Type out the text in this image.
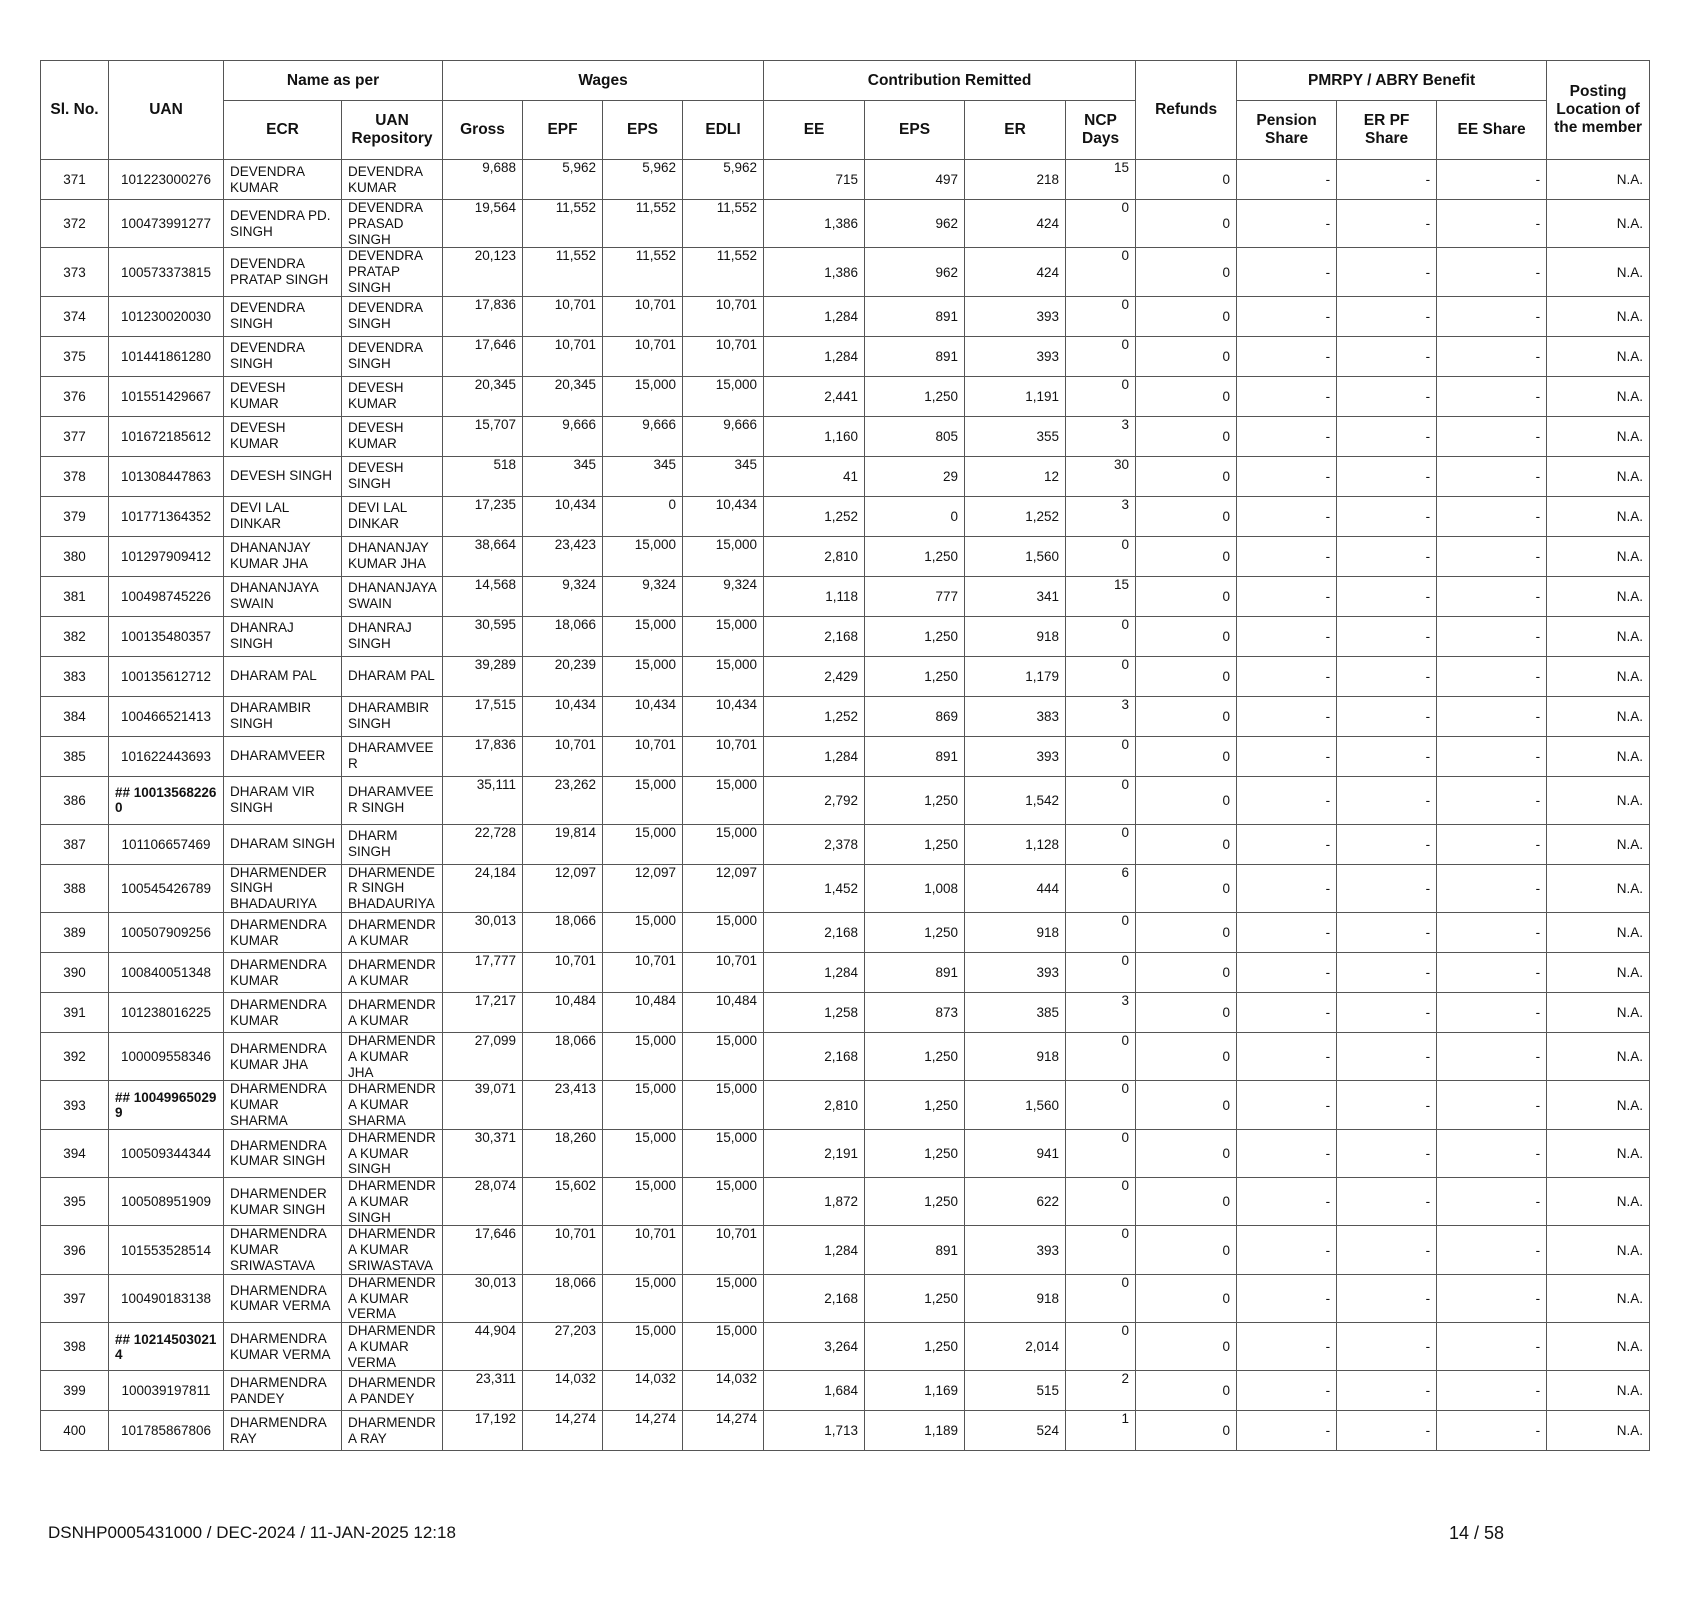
Sl. No.	UAN	Name as per		Wages				Contribution Remitted				Refunds	PMRPY / ABRY Benefit			Posting Location of the member
		ECR	UAN Repository	Gross	EPF	EPS	EDLI	EE	EPS	ER	NCP Days		Pension Share	ER PF Share	EE Share	
371	101223000276	DEVENDRA KUMAR	DEVENDRA KUMAR	9,688	5,962	5,962	5,962	715	497	218	15	0	-	-	-	N.A.
372	100473991277	DEVENDRA PD. SINGH	DEVENDRA PRASAD SINGH	19,564	11,552	11,552	11,552	1,386	962	424	0	0	-	-	-	N.A.
373	100573373815	DEVENDRA PRATAP SINGH	DEVENDRA PRATAP SINGH	20,123	11,552	11,552	11,552	1,386	962	424	0	0	-	-	-	N.A.
374	101230020030	DEVENDRA SINGH	DEVENDRA SINGH	17,836	10,701	10,701	10,701	1,284	891	393	0	0	-	-	-	N.A.
375	101441861280	DEVENDRA SINGH	DEVENDRA SINGH	17,646	10,701	10,701	10,701	1,284	891	393	0	0	-	-	-	N.A.
376	101551429667	DEVESH KUMAR	DEVESH KUMAR	20,345	20,345	15,000	15,000	2,441	1,250	1,191	0	0	-	-	-	N.A.
377	101672185612	DEVESH KUMAR	DEVESH KUMAR	15,707	9,666	9,666	9,666	1,160	805	355	3	0	-	-	-	N.A.
378	101308447863	DEVESH SINGH	DEVESH SINGH	518	345	345	345	41	29	12	30	0	-	-	-	N.A.
379	101771364352	DEVI LAL DINKAR	DEVI LAL DINKAR	17,235	10,434	0	10,434	1,252	0	1,252	3	0	-	-	-	N.A.
380	101297909412	DHANANJAY KUMAR JHA	DHANANJAY KUMAR JHA	38,664	23,423	15,000	15,000	2,810	1,250	1,560	0	0	-	-	-	N.A.
381	100498745226	DHANANJAYA SWAIN	DHANANJAYA SWAIN	14,568	9,324	9,324	9,324	1,118	777	341	15	0	-	-	-	N.A.
382	100135480357	DHANRAJ SINGH	DHANRAJ SINGH	30,595	18,066	15,000	15,000	2,168	1,250	918	0	0	-	-	-	N.A.
383	100135612712	DHARAM PAL	DHARAM PAL	39,289	20,239	15,000	15,000	2,429	1,250	1,179	0	0	-	-	-	N.A.
384	100466521413	DHARAMBIR SINGH	DHARAMBIR SINGH	17,515	10,434	10,434	10,434	1,252	869	383	3	0	-	-	-	N.A.
385	101622443693	DHARAMVEER	DHARAMVEE R	17,836	10,701	10,701	10,701	1,284	891	393	0	0	-	-	-	N.A.
386	## 10013568226 0	DHARAM VIR SINGH	DHARAMVEE R SINGH	35,111	23,262	15,000	15,000	2,792	1,250	1,542	0	0	-	-	-	N.A.
387	101106657469	DHARAM SINGH	DHARM SINGH	22,728	19,814	15,000	15,000	2,378	1,250	1,128	0	0	-	-	-	N.A.
388	100545426789	DHARMENDER SINGH BHADAURIYA	DHARMENDE R SINGH BHADAURIYA	24,184	12,097	12,097	12,097	1,452	1,008	444	6	0	-	-	-	N.A.
389	100507909256	DHARMENDRA KUMAR	DHARMENDR A KUMAR	30,013	18,066	15,000	15,000	2,168	1,250	918	0	0	-	-	-	N.A.
390	100840051348	DHARMENDRA KUMAR	DHARMENDR A KUMAR	17,777	10,701	10,701	10,701	1,284	891	393	0	0	-	-	-	N.A.
391	101238016225	DHARMENDRA KUMAR	DHARMENDR A KUMAR	17,217	10,484	10,484	10,484	1,258	873	385	3	0	-	-	-	N.A.
392	100009558346	DHARMENDRA KUMAR JHA	DHARMENDR A KUMAR JHA	27,099	18,066	15,000	15,000	2,168	1,250	918	0	0	-	-	-	N.A.
393	## 10049965029 9	DHARMENDRA KUMAR SHARMA	DHARMENDR A KUMAR SHARMA	39,071	23,413	15,000	15,000	2,810	1,250	1,560	0	0	-	-	-	N.A.
394	100509344344	DHARMENDRA KUMAR SINGH	DHARMENDR A KUMAR SINGH	30,371	18,260	15,000	15,000	2,191	1,250	941	0	0	-	-	-	N.A.
395	100508951909	DHARMENDER KUMAR SINGH	DHARMENDR A KUMAR SINGH	28,074	15,602	15,000	15,000	1,872	1,250	622	0	0	-	-	-	N.A.
396	101553528514	DHARMENDRA KUMAR SRIWASTAVA	DHARMENDR A KUMAR SRIWASTAVA	17,646	10,701	10,701	10,701	1,284	891	393	0	0	-	-	-	N.A.
397	100490183138	DHARMENDRA KUMAR VERMA	DHARMENDR A KUMAR VERMA	30,013	18,066	15,000	15,000	2,168	1,250	918	0	0	-	-	-	N.A.
398	## 10214503021 4	DHARMENDRA KUMAR VERMA	DHARMENDR A KUMAR VERMA	44,904	27,203	15,000	15,000	3,264	1,250	2,014	0	0	-	-	-	N.A.
399	100039197811	DHARMENDRA PANDEY	DHARMENDR A PANDEY	23,311	14,032	14,032	14,032	1,684	1,169	515	2	0	-	-	-	N.A.
400	101785867806	DHARMENDRA RAY	DHARMENDR A RAY	17,192	14,274	14,274	14,274	1,713	1,189	524	1	0	-	-	-	N.A.
DSNHP0005431000 / DEC-2024 / 11-JAN-2025 12:18	14 / 58
